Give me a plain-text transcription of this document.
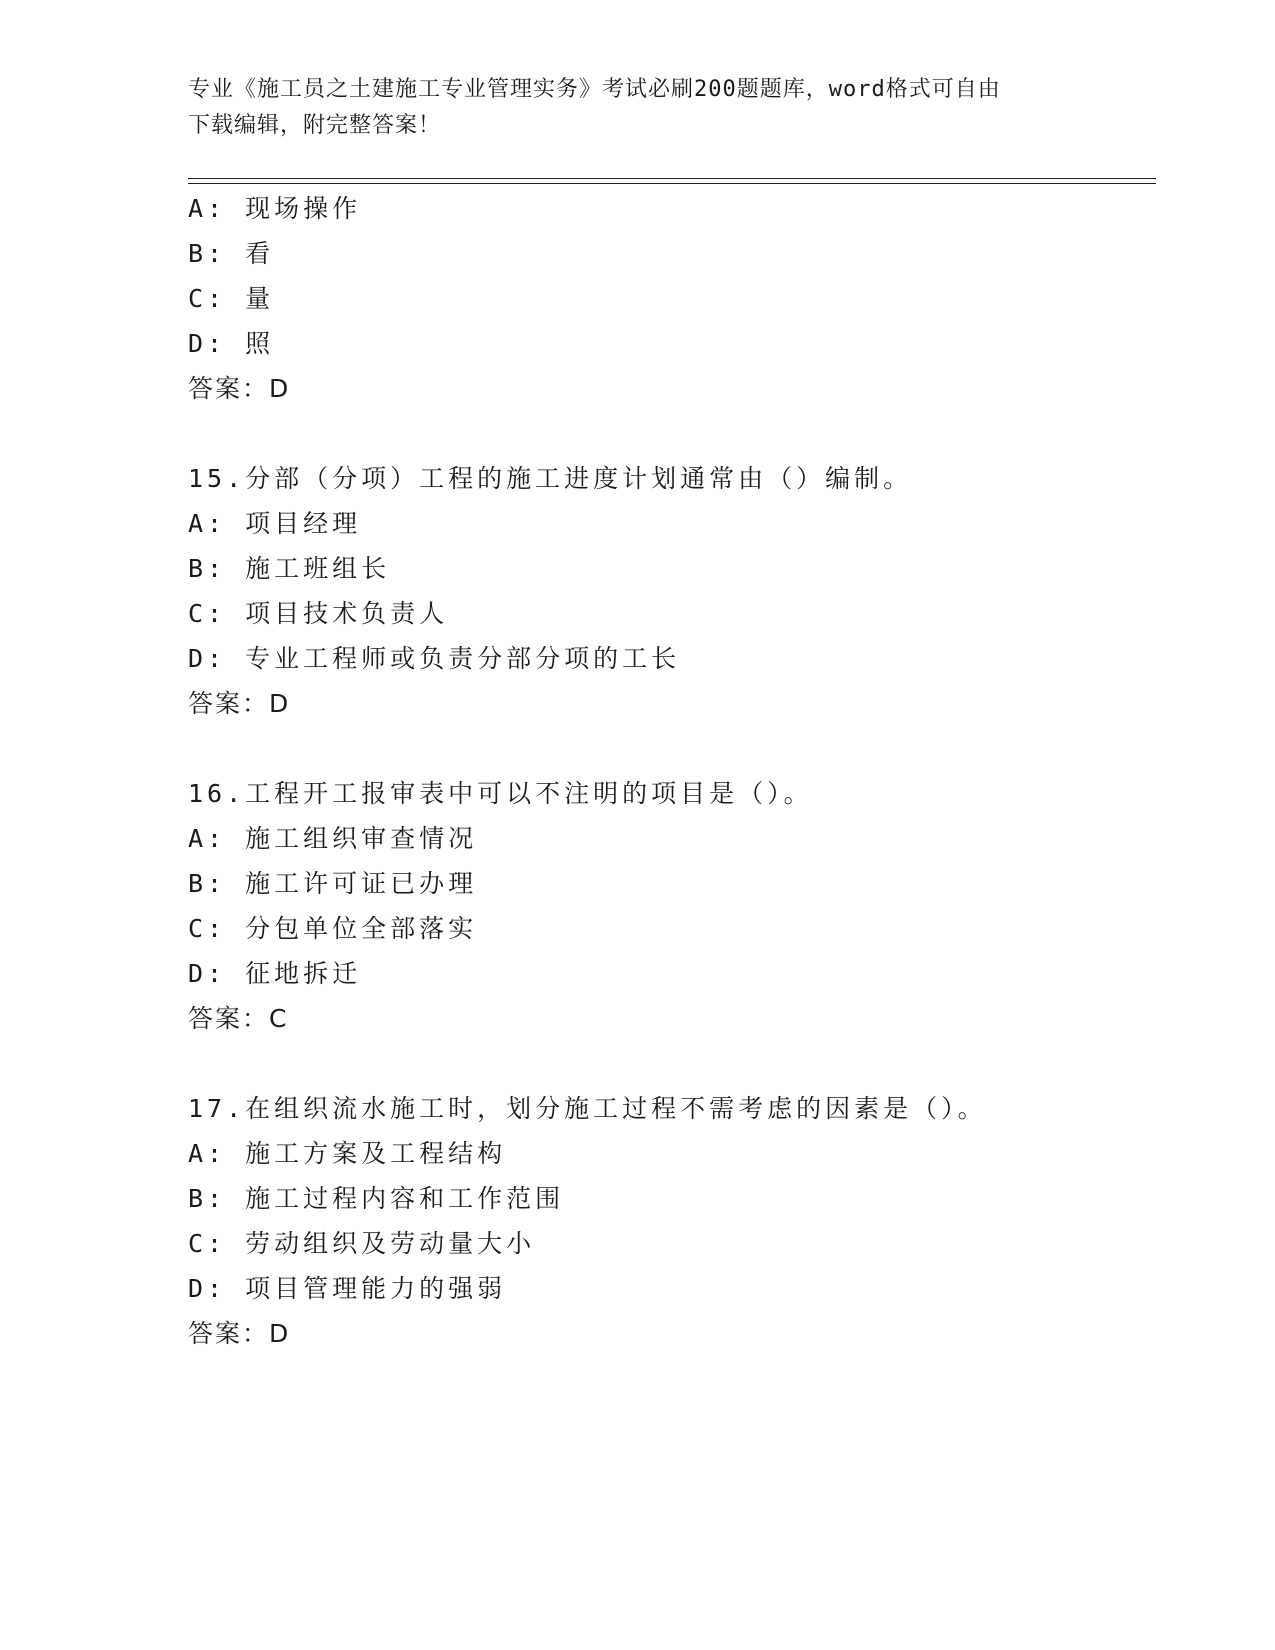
专业《施工员之土建施工专业管理实务》考试必刷200题题库，word格式可自由
下载编辑，附完整答案！
A: 现场操作
B: 看
C: 量
D: 照
答案：D
15.分部（分项）工程的施工进度计划通常由（）编制。
A: 项目经理
B: 施工班组长
C: 项目技术负责人
D: 专业工程师或负责分部分项的工长
答案：D
16.工程开工报审表中可以不注明的项目是（）。
A: 施工组织审查情况
B: 施工许可证已办理
C: 分包单位全部落实
D: 征地拆迁
答案：C
17.在组织流水施工时，划分施工过程不需考虑的因素是（）。
A: 施工方案及工程结构
B: 施工过程内容和工作范围
C: 劳动组织及劳动量大小
D: 项目管理能力的强弱
答案：D
